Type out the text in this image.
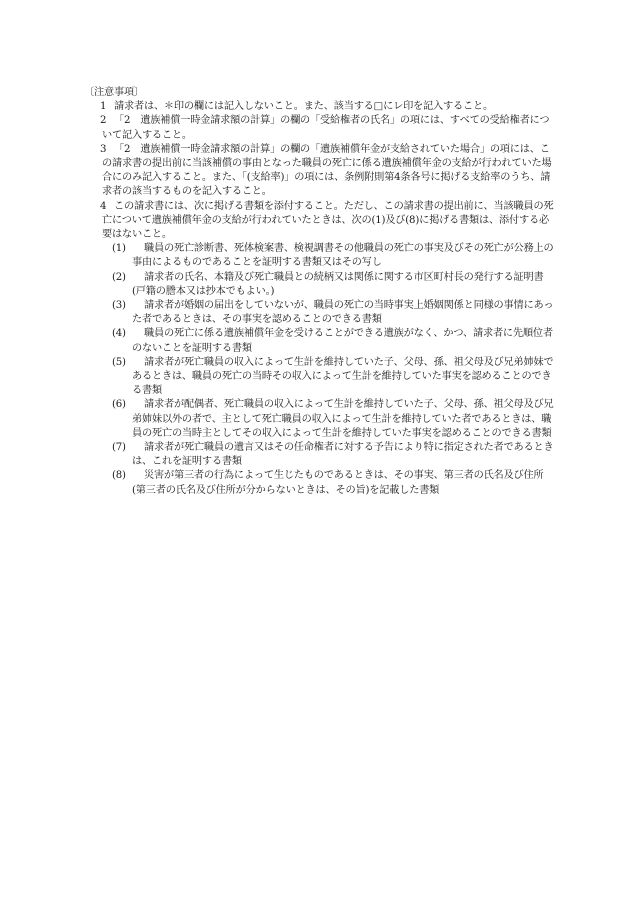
〔注意事項〕
1 請求者は、＊印の欄には記入しないこと。また、該当する□にレ印を記入すること。
2 「2　遺族補償一時金請求額の計算」の欄の「受給権者の氏名」の項には、すべての受給権者について記入すること。
3 「2　遺族補償一時金請求額の計算」の欄の「遺族補償年金が支給されていた場合」の項には、この請求書の提出前に当該補償の事由となった職員の死亡に係る遺族補償年金の支給が行われていた場合にのみ記入すること。また、「(支給率)」の項には、条例附則第4条各号に掲げる支給率のうち、請求者の該当するものを記入すること。
4 この請求書には、次に掲げる書類を添付すること。ただし、この請求書の提出前に、当該職員の死亡について遺族補償年金の支給が行われていたときは、次の(1)及び(8)に掲げる書類は、添付する必要はないこと。
(1)	職員の死亡診断書、死体検案書、検視調書その他職員の死亡の事実及びその死亡が公務上の事由によるものであることを証明する書類又はその写し
(2)	請求者の氏名、本籍及び死亡職員との続柄又は関係に関する市区町村長の発行する証明書(戸籍の謄本又は抄本でもよい。)
(3)	請求者が婚姻の届出をしていないが、職員の死亡の当時事実上婚姻関係と同様の事情にあった者であるときは、その事実を認めることのできる書類
(4)	職員の死亡に係る遺族補償年金を受けることができる遺族がなく、かつ、請求者に先順位者のないことを証明する書類
(5)	請求者が死亡職員の収入によって生計を維持していた子、父母、孫、祖父母及び兄弟姉妹であるときは、職員の死亡の当時その収入によって生計を維持していた事実を認めることのできる書類
(6)	請求者が配偶者、死亡職員の収入によって生計を維持していた子、父母、孫、祖父母及び兄弟姉妹以外の者で、主として死亡職員の収入によって生計を維持していた者であるときは、職員の死亡の当時主としてその収入によって生計を維持していた事実を認めることのできる書類
(7)	請求者が死亡職員の遺言又はその任命権者に対する予告により特に指定された者であるときは、これを証明する書類
(8)	災害が第三者の行為によって生じたものであるときは、その事実、第三者の氏名及び住所(第三者の氏名及び住所が分からないときは、その旨)を記載した書類
